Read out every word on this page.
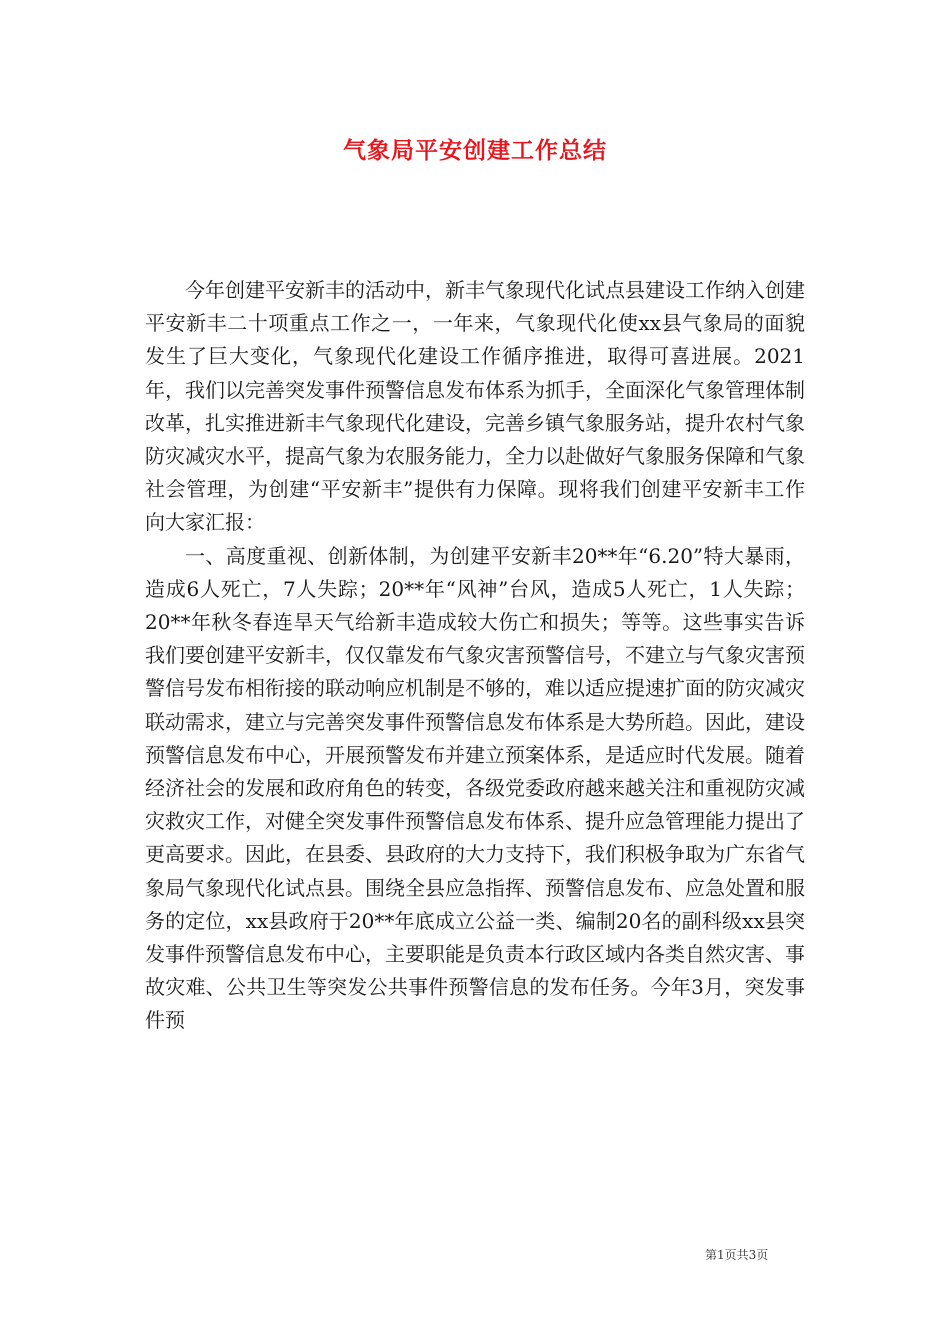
气象局平安创建工作总结

今年创建平安新丰的活动中，新丰气象现代化试点县建设工作纳入创建平安新丰二十项重点工作之一，一年来，气象现代化使xx县气象局的面貌发生了巨大变化，气象现代化建设工作循序推进，取得可喜进展。2021年，我们以完善突发事件预警信息发布体系为抓手，全面深化气象管理体制改革，扎实推进新丰气象现代化建设，完善乡镇气象服务站，提升农村气象防灾减灾水平，提高气象为农服务能力，全力以赴做好气象服务保障和气象社会管理，为创建“平安新丰”提供有力保障。现将我们创建平安新丰工作向大家汇报：

一、高度重视、创新体制，为创建平安新丰20**年“6.20”特大暴雨，造成6人死亡，7人失踪；20**年“风神”台风，造成5人死亡，1人失踪；20**年秋冬春连旱天气给新丰造成较大伤亡和损失；等等。这些事实告诉我们要创建平安新丰，仅仅靠发布气象灾害预警信号，不建立与气象灾害预警信号发布相衔接的联动响应机制是不够的，难以适应提速扩面的防灾减灾联动需求，建立与完善突发事件预警信息发布体系是大势所趋。因此，建设预警信息发布中心，开展预警发布并建立预案体系，是适应时代发展。随着经济社会的发展和政府角色的转变，各级党委政府越来越关注和重视防灾减灾救灾工作，对健全突发事件预警信息发布体系、提升应急管理能力提出了更高要求。因此，在县委、县政府的大力支持下，我们积极争取为广东省气象局气象现代化试点县。围绕全县应急指挥、预警信息发布、应急处置和服务的定位，xx县政府于20**年底成立公益一类、编制20名的副科级xx县突发事件预警信息发布中心，主要职能是负责本行政区域内各类自然灾害、事故灾难、公共卫生等突发公共事件预警信息的发布任务。今年3月，突发事件预

第1页共3页
